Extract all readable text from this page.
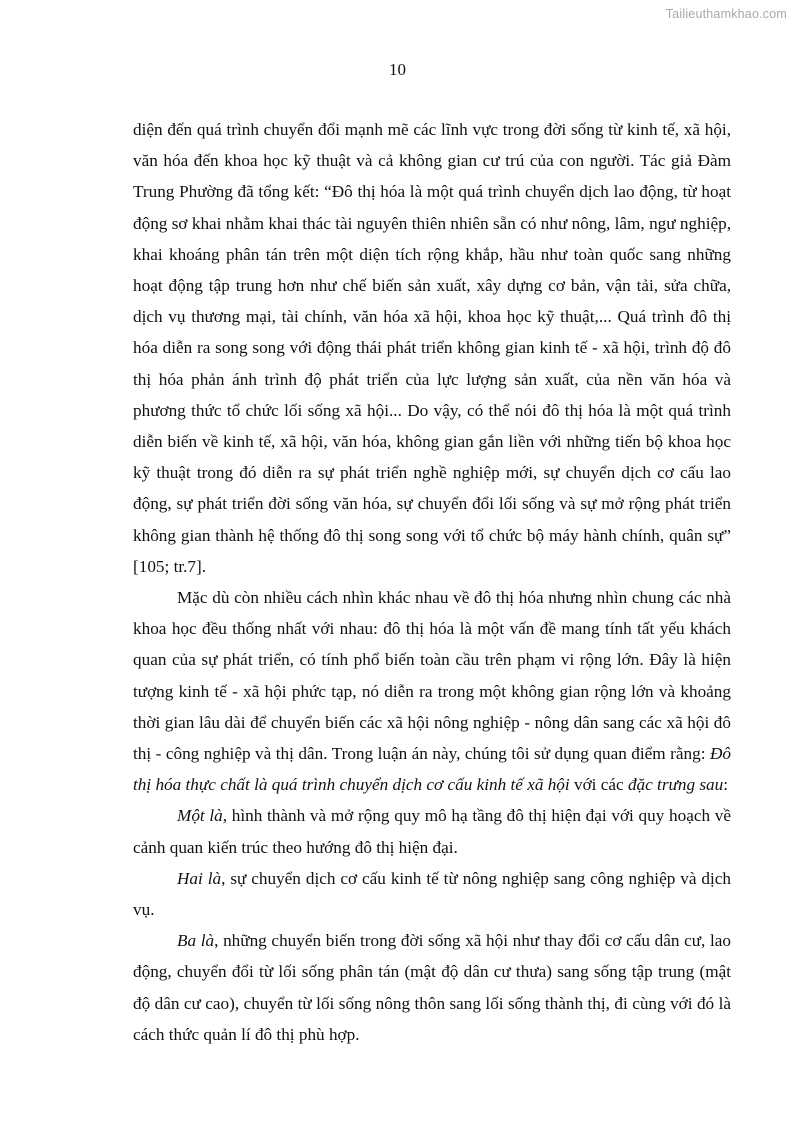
Tailieuthamkhao.com
10

diện đến quá trình chuyển đổi mạnh mẽ các lĩnh vực trong đời sống từ kinh tế, xã hội, văn hóa đến khoa học kỹ thuật và cả không gian cư trú của con người. Tác giả Đàm Trung Phường đã tổng kết: “Đô thị hóa là một quá trình chuyển dịch lao động, từ hoạt động sơ khai nhằm khai thác tài nguyên thiên nhiên sẵn có như nông, lâm, ngư nghiệp, khai khoáng phân tán trên một diện tích rộng khắp, hầu như toàn quốc sang những hoạt động tập trung hơn như chế biến sản xuất, xây dựng cơ bản, vận tải, sửa chữa, dịch vụ thương mại, tài chính, văn hóa xã hội, khoa học kỹ thuật,... Quá trình đô thị hóa diễn ra song song với động thái phát triển không gian kinh tế - xã hội, trình độ đô thị hóa phản ánh trình độ phát triển của lực lượng sản xuất, của nền văn hóa và phương thức tổ chức lối sống xã hội... Do vậy, có thể nói đô thị hóa là một quá trình diễn biến về kinh tế, xã hội, văn hóa, không gian gắn liền với những tiến bộ khoa học kỹ thuật trong đó diễn ra sự phát triển nghề nghiệp mới, sự chuyển dịch cơ cấu lao động, sự phát triển đời sống văn hóa, sự chuyển đổi lối sống và sự mở rộng phát triển không gian thành hệ thống đô thị song song với tổ chức bộ máy hành chính, quân sự” [105; tr.7].

Mặc dù còn nhiều cách nhìn khác nhau về đô thị hóa nhưng nhìn chung các nhà khoa học đều thống nhất với nhau: đô thị hóa là một vấn đề mang tính tất yếu khách quan của sự phát triển, có tính phổ biến toàn cầu trên phạm vi rộng lớn. Đây là hiện tượng kinh tế - xã hội phức tạp, nó diễn ra trong một không gian rộng lớn và khoảng thời gian lâu dài để chuyển biến các xã hội nông nghiệp - nông dân sang các xã hội đô thị - công nghiệp và thị dân. Trong luận án này, chúng tôi sử dụng quan điểm rằng: Đô thị hóa thực chất là quá trình chuyển dịch cơ cấu kinh tế xã hội với các đặc trưng sau:

Một là, hình thành và mở rộng quy mô hạ tầng đô thị hiện đại với quy hoạch về cảnh quan kiến trúc theo hướng đô thị hiện đại.

Hai là, sự chuyển dịch cơ cấu kinh tế từ nông nghiệp sang công nghiệp và dịch vụ.

Ba là, những chuyển biến trong đời sống xã hội như thay đổi cơ cấu dân cư, lao động, chuyển đổi từ lối sống phân tán (mật độ dân cư thưa) sang sống tập trung (mật độ dân cư cao), chuyển từ lối sống nông thôn sang lối sống thành thị, đi cùng với đó là cách thức quản lí đô thị phù hợp.
